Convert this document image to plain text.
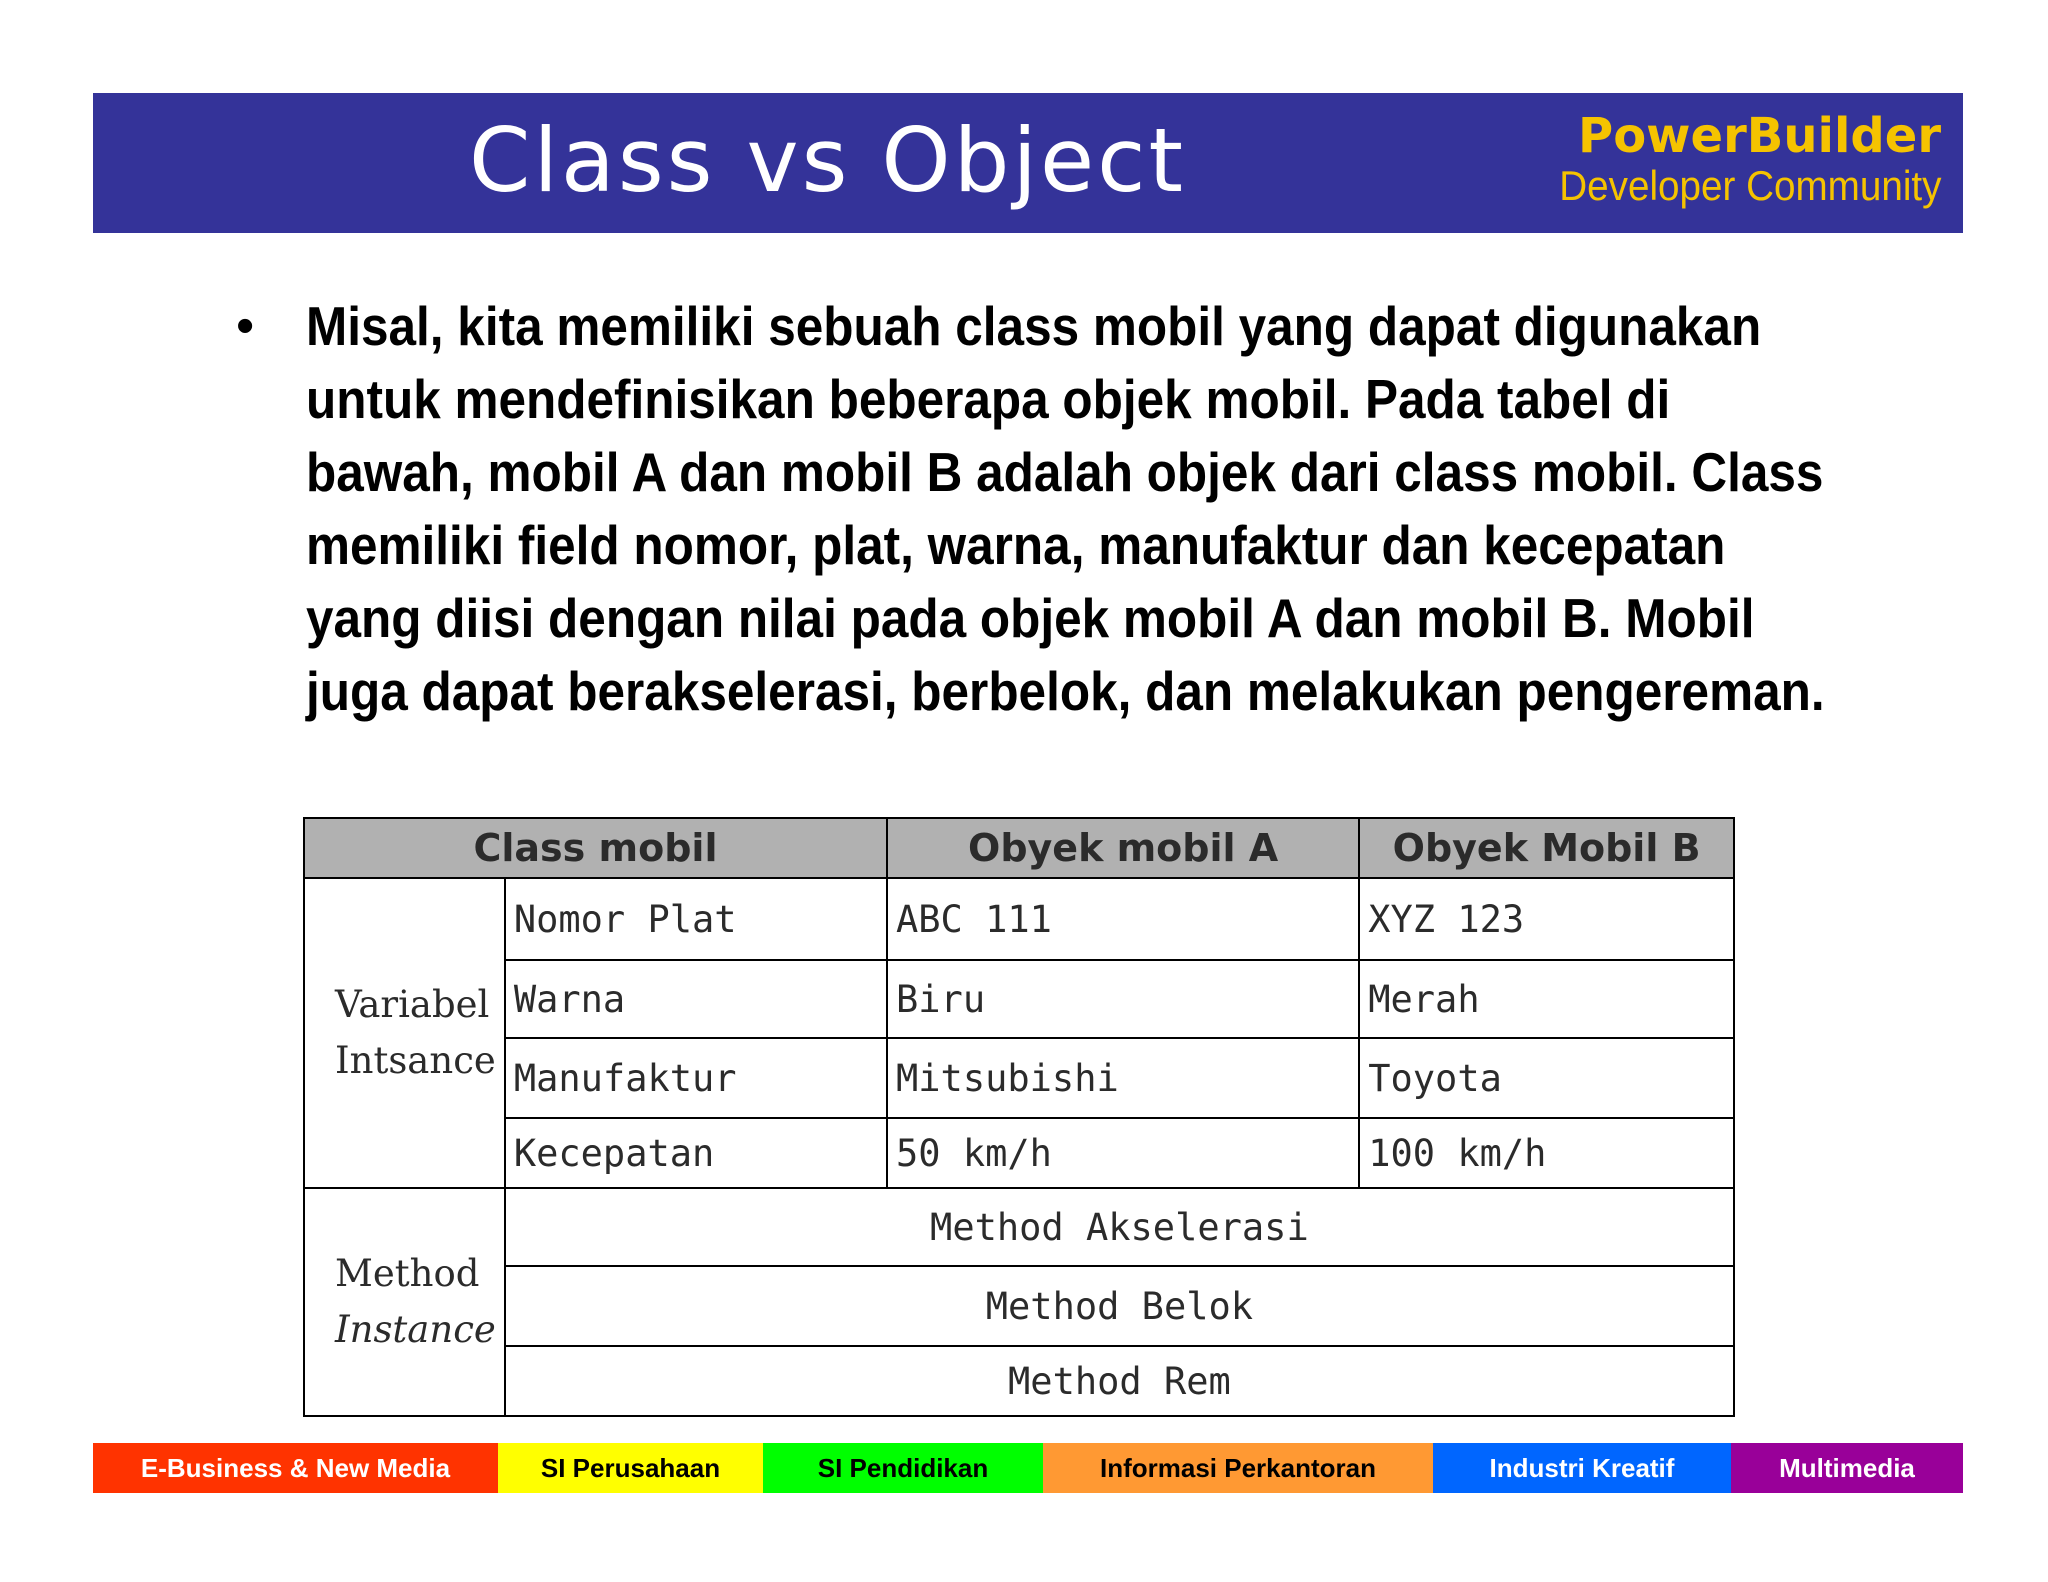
Class vs Object	PowerBuilder
Developer Community
• Misal, kita memiliki sebuah class mobil yang dapat digunakan untuk mendefinisikan beberapa objek mobil. Pada tabel di bawah, mobil A dan mobil B adalah objek dari class mobil. Class memiliki field nomor, plat, warna, manufaktur dan kecepatan yang diisi dengan nilai pada objek mobil A dan mobil B. Mobil juga dapat berakselerasi, berbelok, dan melakukan pengereman.
Class mobil		Obyek mobil A	Obyek Mobil B
Variabel
Intsance	Nomor Plat	ABC 111	XYZ 123
	Warna	Biru	Merah
	Manufaktur	Mitsubishi	Toyota
	Kecepatan	50 km/h	100 km/h
Method
Instance	Method Akselerasi		
	Method Belok		
	Method Rem		
E-Business & New Media	SI Perusahaan	SI Pendidikan	Informasi Perkantoran	Industri Kreatif	Multimedia
